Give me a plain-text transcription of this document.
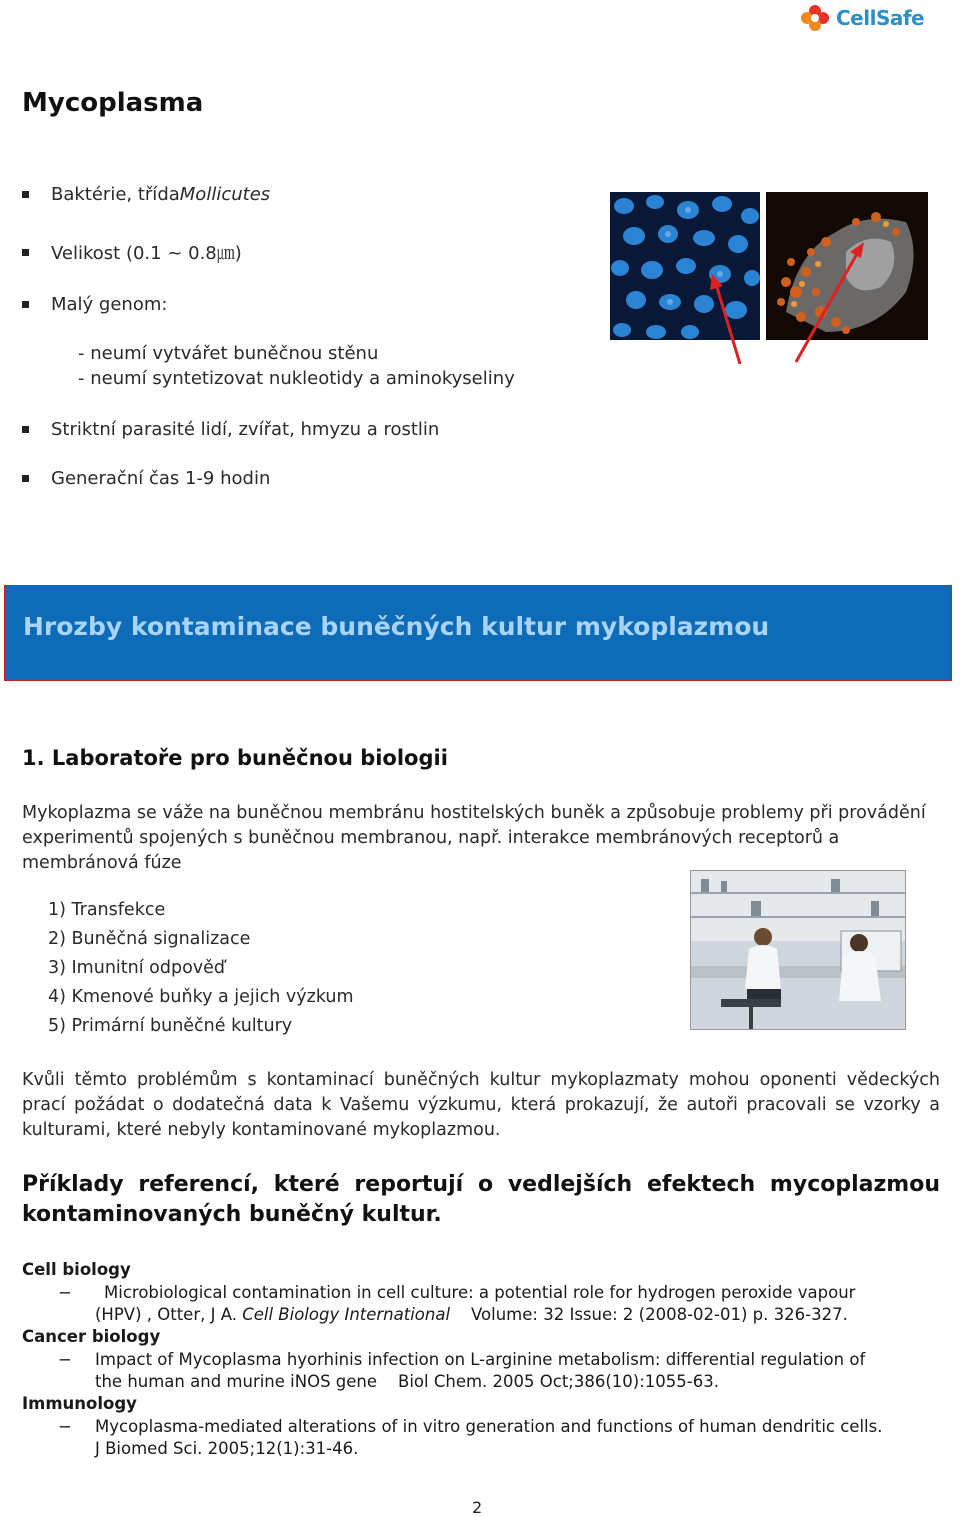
CellSafe
Mycoplasma
Baktérie, třída Mollicutes
Velikost (0.1 ~ 0.8㎛)
Malý genom:
- neumí vytvářet buněčnou stěnu
- neumí syntetizovat nukleotidy a aminokyseliny
Striktní parasité lidí, zvířat, hmyzu a rostlin
Generační čas 1-9 hodin
Hrozby kontaminace buněčných kultur mykoplazmou
1. Laboratoře pro buněčnou biologii

Mykoplazma se váže na buněčnou membránu hostitelských buněk a způsobuje problemy při provádění experimentů spojených s buněčnou membranou, např. interakce membránových receptorů a membránová fúze

1) Transfekce
2) Buněčná signalizace
3) Imunitní odpověď
4) Kmenové buňky a jejich výzkum
5) Primární buněčné kultury

Kvůli těmto problémům s kontaminací buněčných kultur mykoplazmaty mohou oponenti vědeckých prací požádat o dodatečná data k Vašemu výzkumu, která prokazují, že autoři pracovali se vzorky a kulturami, které nebyly kontaminované mykoplazmou.

Příklady referencí, které reportují o vedlejších efektech mycoplazmou kontaminovaných buněčný kultur.
Cell biology
− Microbiological contamination in cell culture: a potential role for hydrogen peroxide vapour
(HPV) , Otter, J A. Cell Biology International    Volume: 32 Issue: 2 (2008-02-01) p. 326-327.
Cancer biology
− Impact of Mycoplasma hyorhinis infection on L-arginine metabolism: differential regulation of
the human and murine iNOS gene    Biol Chem. 2005 Oct;386(10):1055-63.
Immunology
− Mycoplasma-mediated alterations of in vitro generation and functions of human dendritic cells.
J Biomed Sci. 2005;12(1):31-46.
2
